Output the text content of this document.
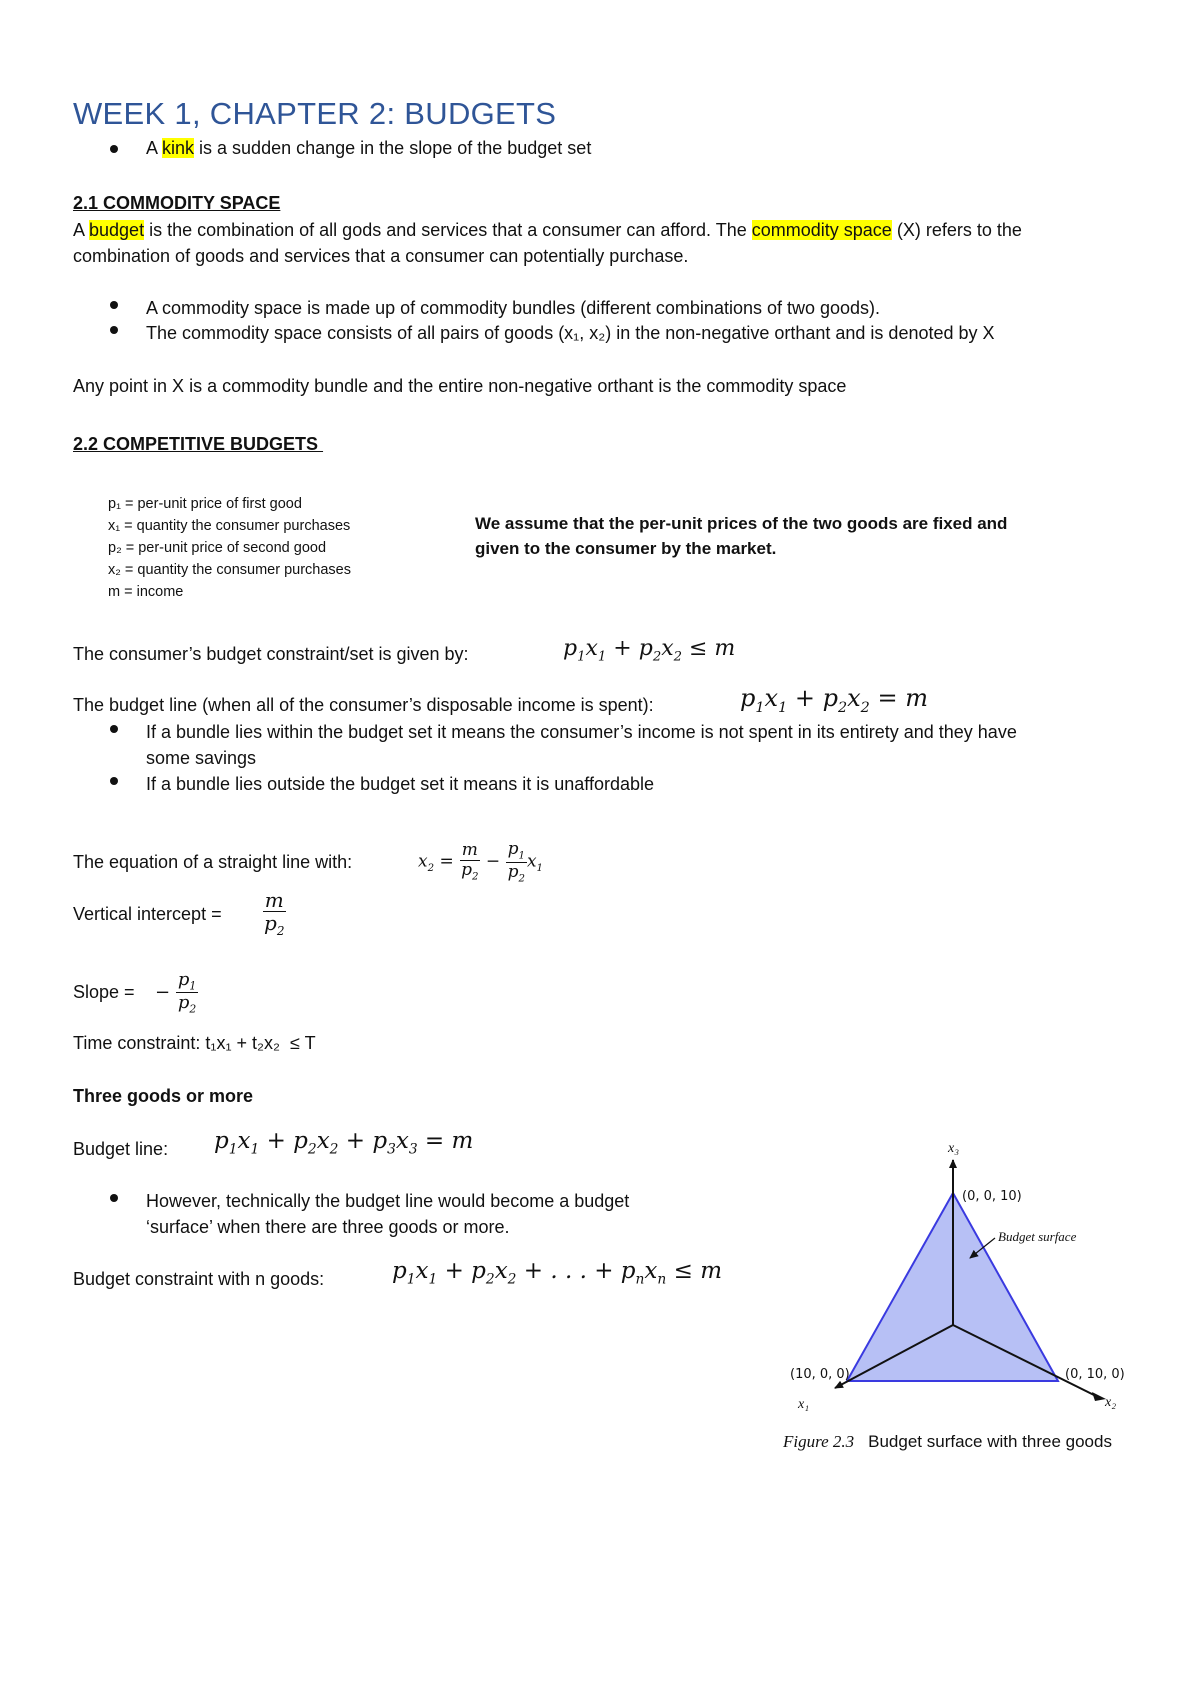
WEEK 1, CHAPTER 2: BUDGETS
A kink is a sudden change in the slope of the budget set
2.1 COMMODITY SPACE
A budget is the combination of all gods and services that a consumer can afford. The commodity space (X) refers to the
combination of goods and services that a consumer can potentially purchase.
A commodity space is made up of commodity bundles (different combinations of two goods).
The commodity space consists of all pairs of goods (x₁, x₂) in the non-negative orthant and is denoted by X
Any point in X is a commodity bundle and the entire non-negative orthant is the commodity space
2.2 COMPETITIVE BUDGETS
p₁ = per-unit price of first good
x₁ = quantity the consumer purchases
p₂ = per-unit price of second good
x₂ = quantity the consumer purchases
m = income
We assume that the per-unit prices of the two goods are fixed and
given to the consumer by the market.
The consumer’s budget constraint/set is given by:	$p_1x_1 + p_2x_2 \le m$
The budget line (when all of the consumer’s disposable income is spent):	$p_1x_1 + p_2x_2 = m$
If a bundle lies within the budget set it means the consumer’s income is not spent in its entirety and they have
some savings
If a bundle lies outside the budget set it means it is unaffordable
The equation of a straight line with:	$x_2 = \frac{m}{p_2} - \frac{p_1}{p_2} x_1$
Vertical intercept = $\frac{m}{p_2}$
Slope = − $\frac{p_1}{p_2}$
Time constraint: t₁x₁ + t₂x₂  ≤ T
Three goods or more
Budget line: $p_1x_1 + p_2x_2 + p_3x_3 = m$
However, technically the budget line would become a budget
‘surface’ when there are three goods or more.
Budget constraint with n goods:	$p_1x_1 + p_2x_2$ + . . . + $p_nx_n \le m$
x₃
(0, 0, 10)
Budget surface
(10, 0, 0)	(0, 10, 0)
x₁	x₂
Figure 2.3 Budget surface with three goods
